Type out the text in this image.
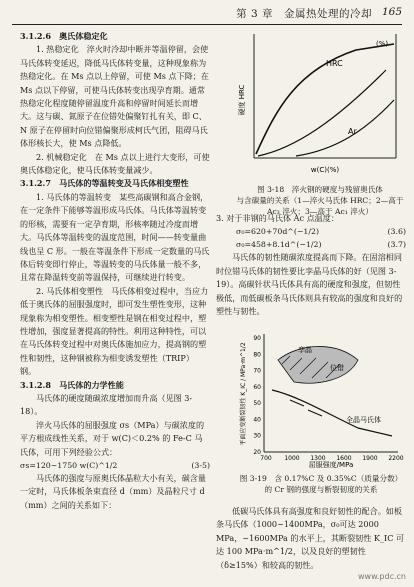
第 3 章　金属热处理的冷却 165

3.1.2.6　奥氏体稳定化

1. 热稳定化　淬火时冷却中断并等温停留，会使马氏体转变延迟，降低马氏体转变量，这种现象称为热稳定化。在 Ms 点以上停留，可使 Ms 点下降；在 Ms 点以下停留，可使马氏体转变出现孕育期。通常热稳定化程度随停留温度升高和停留时间延长而增大。这与碳、氮原子在位错处偏聚钉扎有关，即 C、N 原子在停留时向位错偏聚形成柯氏气团，阻碍马氏体形核长大，使 Ms 点降低。

2. 机械稳定化　在 Ms 点以上进行大变形，可使奥氏体稳定化，使马氏体转变量减少。

3.1.2.7　马氏体的等温转变及马氏体相变塑性

1. 马氏体的等温转变　某些高碳钢和高合金钢，在一定条件下能够等温形成马氏体。马氏体等温转变的形核，需要有一定孕育期，形核率随过冷度而增大。马氏体等温转变的温度范围，时间——转变量曲线也呈 C 形。一般在等温条件下形成一定数量的马氏体后转变即行停止，等温转变的马氏体量一般不多，且常在降温转变前等温保持，可继续进行转变。

2. 马氏体相变塑性　马氏体相变过程中，当应力低于奥氏体的屈服强度时，即可发生塑性变形，这种现象称为相变塑性。相变塑性是钢在相变过程中，塑性增加，强度显著提高的特性。利用这种特性，可以在马氏体转变过程中对奥氏体施加应力，提高钢的塑性和韧性，这种钢被称为相变诱发塑性（TRIP）钢。

3.1.2.8　马氏体的力学性能

马氏体的硬度随碳浓度增加而升高（见图 3-18）。

淬火马氏体的屈服强度 σs（MPa）与碳浓度的平方根成线性关系，对于 w(C)＜0.2% 的 Fe-C 马氏体，可用下列经验公式：

σs=120~1750 w(C)^1/2	(3-5)

马氏体的强度与原奥氏体晶粒大小有关，碳含量一定时，马氏体板条束直径 d（mm）及晶粒尺寸 d（mm）之间的关系如下：

HRC
Ar
(%)
硬度 HRC
w(C)(%)
图 3-18　淬火钢的硬度与残留奥氏体
与含碳量的关系（1—淬火马氏体 HRC；2—高于 Ac₃ 淬火；3—高于 Ac₁ 淬火）

3. 对于非钢的马氏体 Ac 点温度：

σ₀=620+70d^(−1/2)	(3.6)

σ₀=458+8.1d^(−1/2)	(3.7)

马氏体的韧性随碳浓度提高而下降。在固溶相同时位错马氏体的韧性要比孪晶马氏体的好（见图 3-19）。高碳针状马氏体具有高的硬度和强度，但韧性极低，而低碳板条马氏体则具有较高的强度和良好的塑性与韧性。

90
80
70
60
50
40
30
20
700 1000 1300 1600 1900 2200
孪晶
位错
全晶马氏体
平面应变断裂韧性 K_IC / MPa·m^1/2
屈服强度/MPa
图 3-19　含 0.17%C 及 0.35%C（质量分数）
的 Cr 钢的强度与断裂韧度的关系

低碳马氏体具有高强度和良好韧性的配合。如板条马氏体（1000~1400MPa，σ₀可达 2000 MPa，~1600MPa 的水平上，其断裂韧性 K_IC 可达 100 MPa·m^1/2，以及良好的塑韧性（δ≥15%）和较高的韧性。

www.pdc.cn
